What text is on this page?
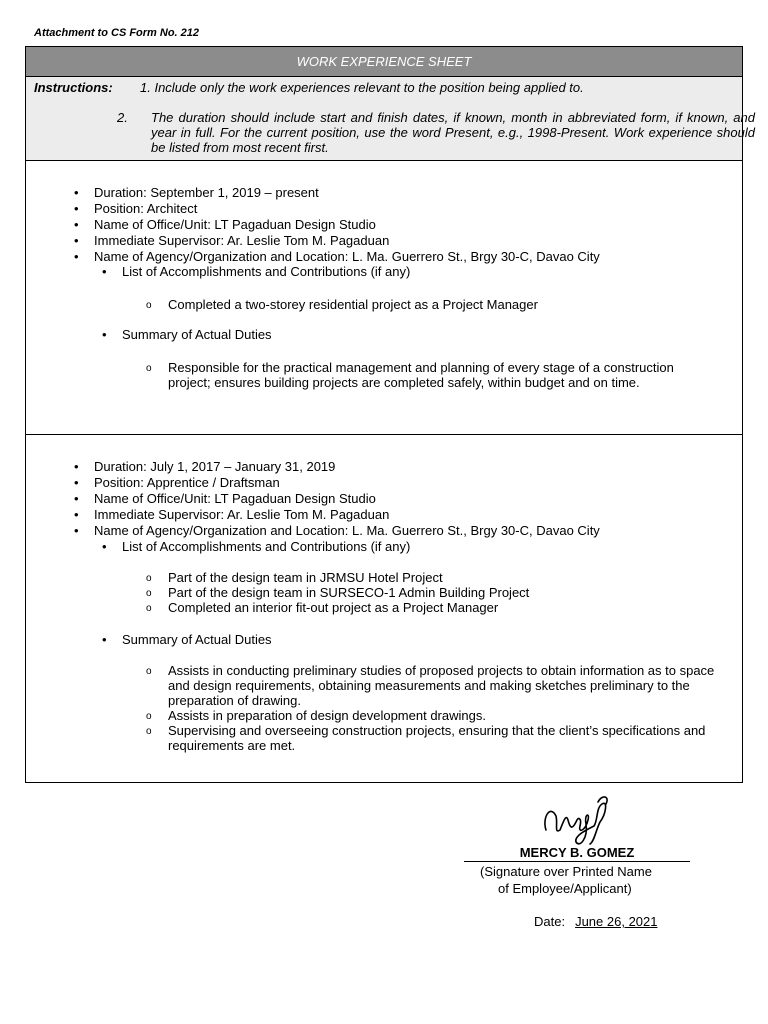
Attachment to CS Form No. 212
WORK EXPERIENCE SHEET
Instructions: 1. Include only the work experiences relevant to the position being applied to.
2. The duration should include start and finish dates, if known, month in abbreviated form, if known, and year in full. For the current position, use the word Present, e.g., 1998-Present. Work experience should be listed from most recent first.
• Duration: September 1, 2019 – present
• Position: Architect
• Name of Office/Unit: LT Pagaduan Design Studio
• Immediate Supervisor: Ar. Leslie Tom M. Pagaduan
• Name of Agency/Organization and Location: L. Ma. Guerrero St., Brgy 30-C, Davao City
• List of Accomplishments and Contributions (if any)
o Completed a two-storey residential project as a Project Manager
• Summary of Actual Duties
o Responsible for the practical management and planning of every stage of a construction project; ensures building projects are completed safely, within budget and on time.
• Duration: July 1, 2017 – January 31, 2019
• Position: Apprentice / Draftsman
• Name of Office/Unit: LT Pagaduan Design Studio
• Immediate Supervisor: Ar. Leslie Tom M. Pagaduan
• Name of Agency/Organization and Location: L. Ma. Guerrero St., Brgy 30-C, Davao City
• List of Accomplishments and Contributions (if any)
o Part of the design team in JRMSU Hotel Project
o Part of the design team in SURSECO-1 Admin Building Project
o Completed an interior fit-out project as a Project Manager
• Summary of Actual Duties
o Assists in conducting preliminary studies of proposed projects to obtain information as to space and design requirements, obtaining measurements and making sketches preliminary to the preparation of drawing.
o Assists in preparation of design development drawings.
o Supervising and overseeing construction projects, ensuring that the client’s specifications and requirements are met.
MERCY B. GOMEZ
(Signature over Printed Name
of Employee/Applicant)
Date: June 26, 2021
